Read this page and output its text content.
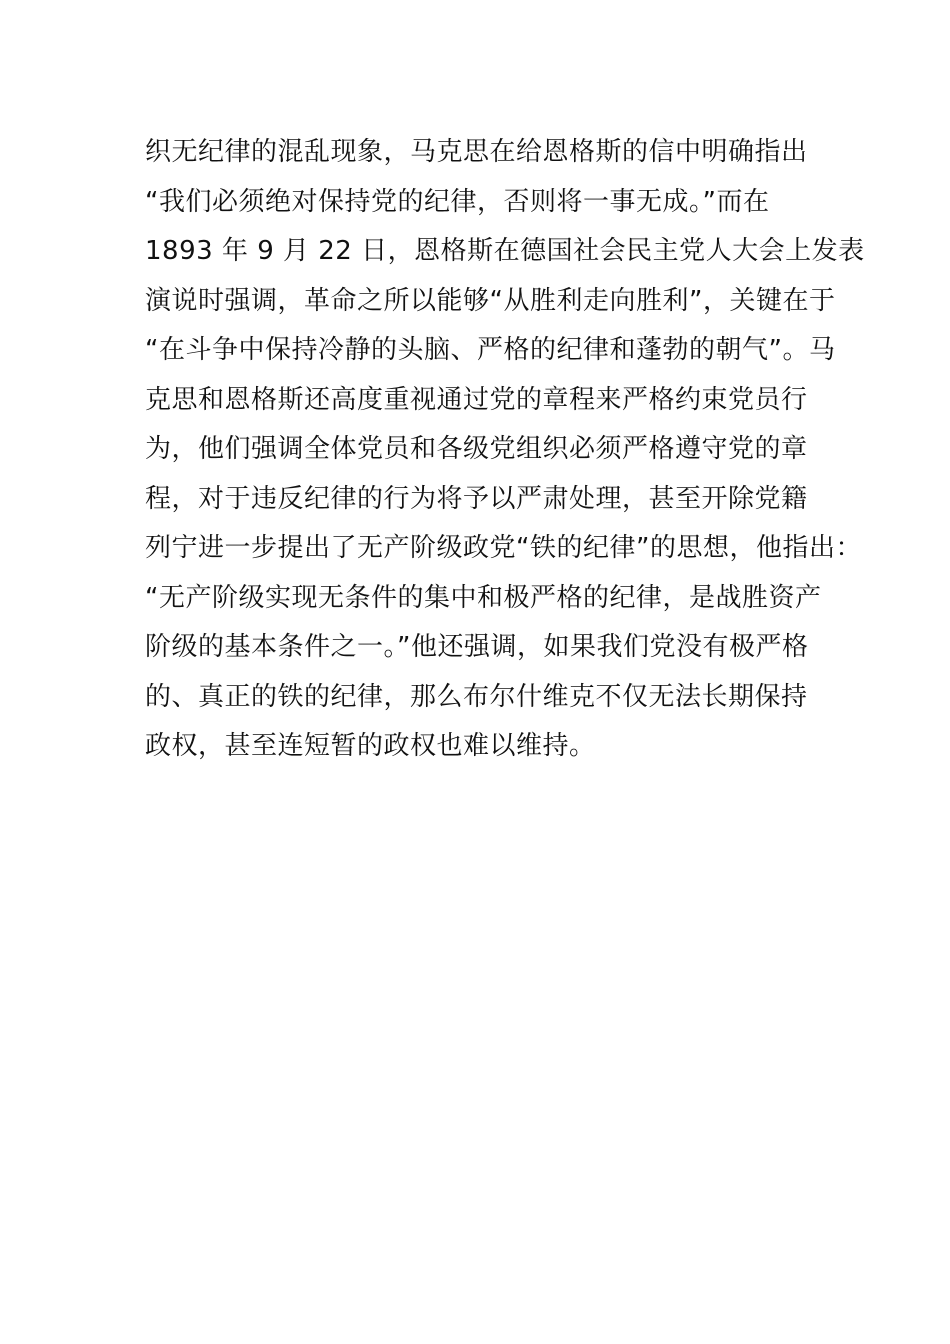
织无纪律的混乱现象，马克思在给恩格斯的信中明确指出
“我们必须绝对保持党的纪律，否则将一事无成。”而在
1893 年 9 月 22 日，恩格斯在德国社会民主党人大会上发表
演说时强调，革命之所以能够“从胜利走向胜利”，关键在于
“在斗争中保持冷静的头脑、严格的纪律和蓬勃的朝气”。马
克思和恩格斯还高度重视通过党的章程来严格约束党员行
为，他们强调全体党员和各级党组织必须严格遵守党的章
程，对于违反纪律的行为将予以严肃处理，甚至开除党籍
列宁进一步提出了无产阶级政党“铁的纪律”的思想，他指出：
“无产阶级实现无条件的集中和极严格的纪律，是战胜资产
阶级的基本条件之一。”他还强调，如果我们党没有极严格
的、真正的铁的纪律，那么布尔什维克不仅无法长期保持
政权，甚至连短暂的政权也难以维持。
